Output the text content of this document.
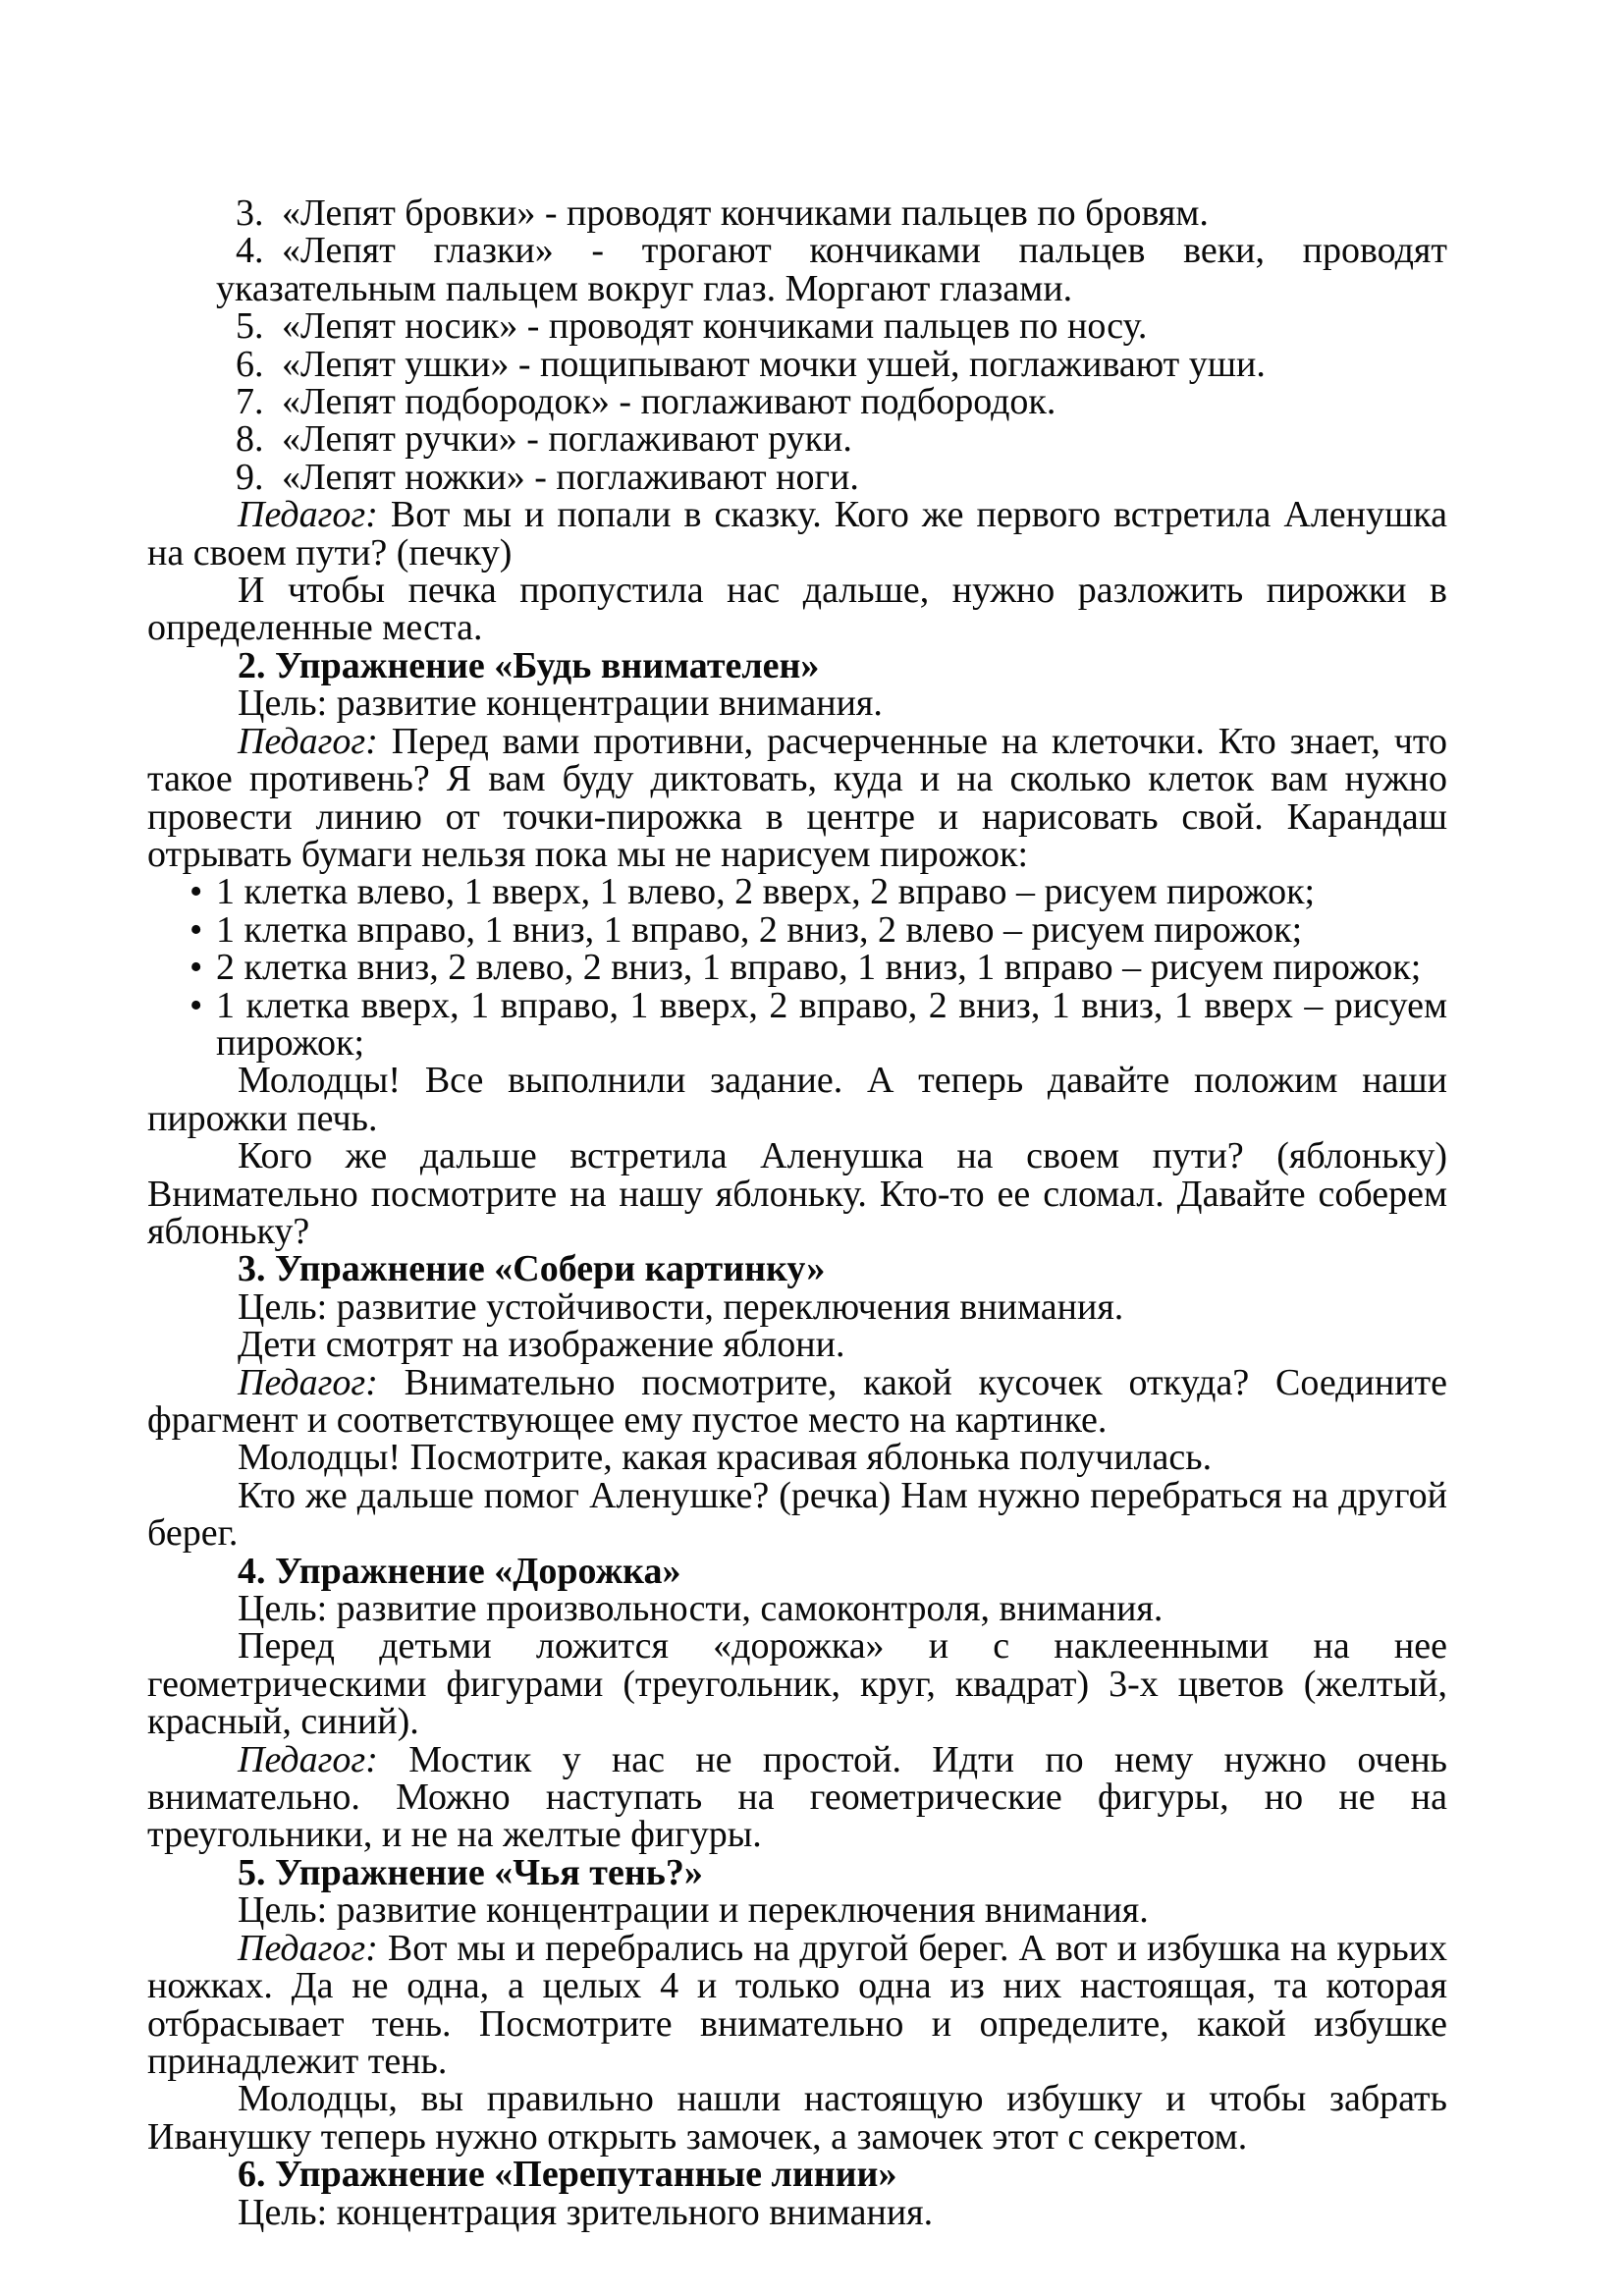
«Лепят бровки» - проводят кончиками пальцев по бровям.
«Лепят глазки» - трогают кончиками пальцев веки, проводят указательным пальцем вокруг глаз. Моргают глазами.
«Лепят носик» - проводят кончиками пальцев по носу.
«Лепят ушки» - пощипывают мочки ушей, поглаживают уши.
«Лепят подбородок» - поглаживают подбородок.
«Лепят ручки» - поглаживают руки.
«Лепят ножки» - поглаживают ноги.

Педагог: Вот мы и попали в сказку. Кого же первого встретила Аленушка на своем пути? (печку)

И чтобы печка пропустила нас дальше, нужно разложить пирожки в определенные места.

2. Упражнение «Будь внимателен»

Цель: развитие концентрации внимания.

Педагог: Перед вами противни, расчерченные на клеточки. Кто знает, что такое противень? Я вам буду диктовать, куда и на сколько клеток вам нужно провести линию от точки-пирожка в центре и нарисовать свой. Карандаш отрывать бумаги нельзя пока мы не нарисуем пирожок:

• 1 клетка влево, 1 вверх, 1 влево, 2 вверх, 2 вправо – рисуем пирожок;
• 1 клетка вправо, 1 вниз, 1 вправо, 2 вниз, 2 влево – рисуем пирожок;
• 2 клетка вниз, 2 влево, 2 вниз, 1 вправо, 1 вниз, 1 вправо – рисуем пирожок;
• 1 клетка вверх, 1 вправо, 1 вверх, 2 вправо, 2 вниз, 1 вниз, 1 вверх – рисуем пирожок;

Молодцы! Все выполнили задание. А теперь давайте положим наши пирожки печь.

Кого же дальше встретила Аленушка на своем пути? (яблоньку) Внимательно посмотрите на нашу яблоньку. Кто-то ее сломал. Давайте соберем яблоньку?

3. Упражнение «Собери картинку»

Цель: развитие устойчивости, переключения внимания.

Дети смотрят на изображение яблони.

Педагог: Внимательно посмотрите, какой кусочек откуда? Соедините фрагмент и соответствующее ему пустое место на картинке.

Молодцы! Посмотрите, какая красивая яблонька получилась.

Кто же дальше помог Аленушке? (речка) Нам нужно перебраться на другой берег.

4. Упражнение «Дорожка»

Цель: развитие произвольности, самоконтроля, внимания.

Перед детьми ложится «дорожка» и с наклеенными на нее геометрическими фигурами (треугольник, круг, квадрат) 3-х цветов (желтый, красный, синий).

Педагог: Мостик у нас не простой. Идти по нему нужно очень внимательно. Можно наступать на геометрические фигуры, но не на треугольники, и не на желтые фигуры.

5. Упражнение «Чья тень?»

Цель: развитие концентрации и переключения внимания.

Педагог: Вот мы и перебрались на другой берег. А вот и избушка на курьих ножках. Да не одна, а целых 4 и только одна из них настоящая, та которая отбрасывает тень. Посмотрите внимательно и определите, какой избушке принадлежит тень.

Молодцы, вы правильно нашли настоящую избушку и чтобы забрать Иванушку теперь нужно открыть замочек, а замочек этот с секретом.

6. Упражнение «Перепутанные линии»

Цель: концентрация зрительного внимания.
